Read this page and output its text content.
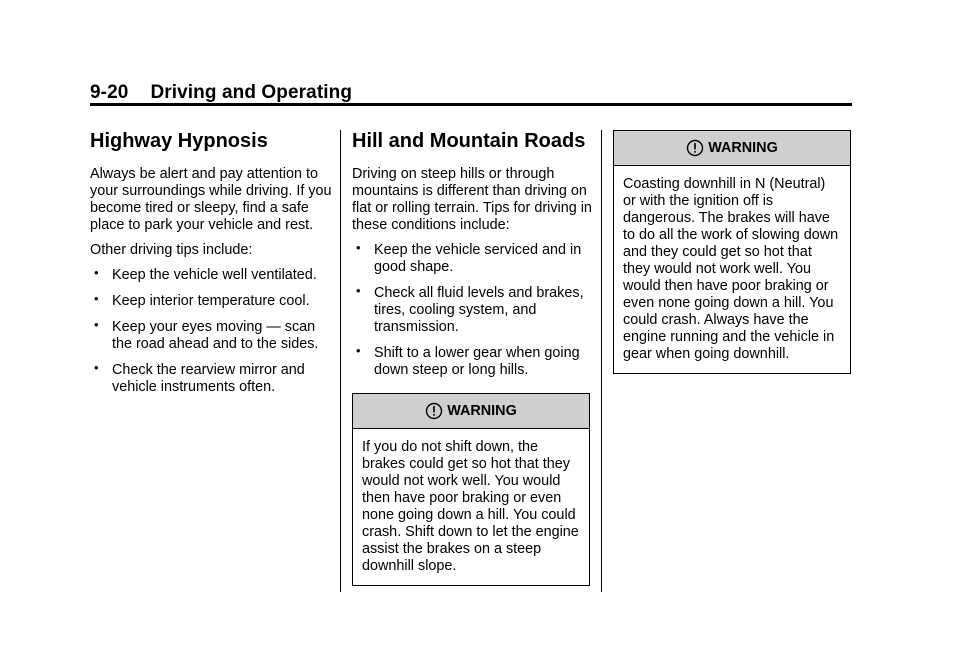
9-20 Driving and Operating
Highway Hypnosis

Always be alert and pay attention to your surroundings while driving. If you become tired or sleepy, find a safe place to park your vehicle and rest.

Other driving tips include:

• Keep the vehicle well ventilated.
• Keep interior temperature cool.
• Keep your eyes moving — scan the road ahead and to the sides.
• Check the rearview mirror and vehicle instruments often.
Hill and Mountain Roads

Driving on steep hills or through mountains is different than driving on flat or rolling terrain. Tips for driving in these conditions include:

• Keep the vehicle serviced and in good shape.
• Check all fluid levels and brakes, tires, cooling system, and transmission.
• Shift to a lower gear when going down steep or long hills.
WARNING
If you do not shift down, the brakes could get so hot that they would not work well. You would then have poor braking or even none going down a hill. You could crash. Shift down to let the engine assist the brakes on a steep downhill slope.
WARNING
Coasting downhill in N (Neutral) or with the ignition off is dangerous. The brakes will have to do all the work of slowing down and they could get so hot that they would not work well. You would then have poor braking or even none going down a hill. You could crash. Always have the engine running and the vehicle in gear when going downhill.
